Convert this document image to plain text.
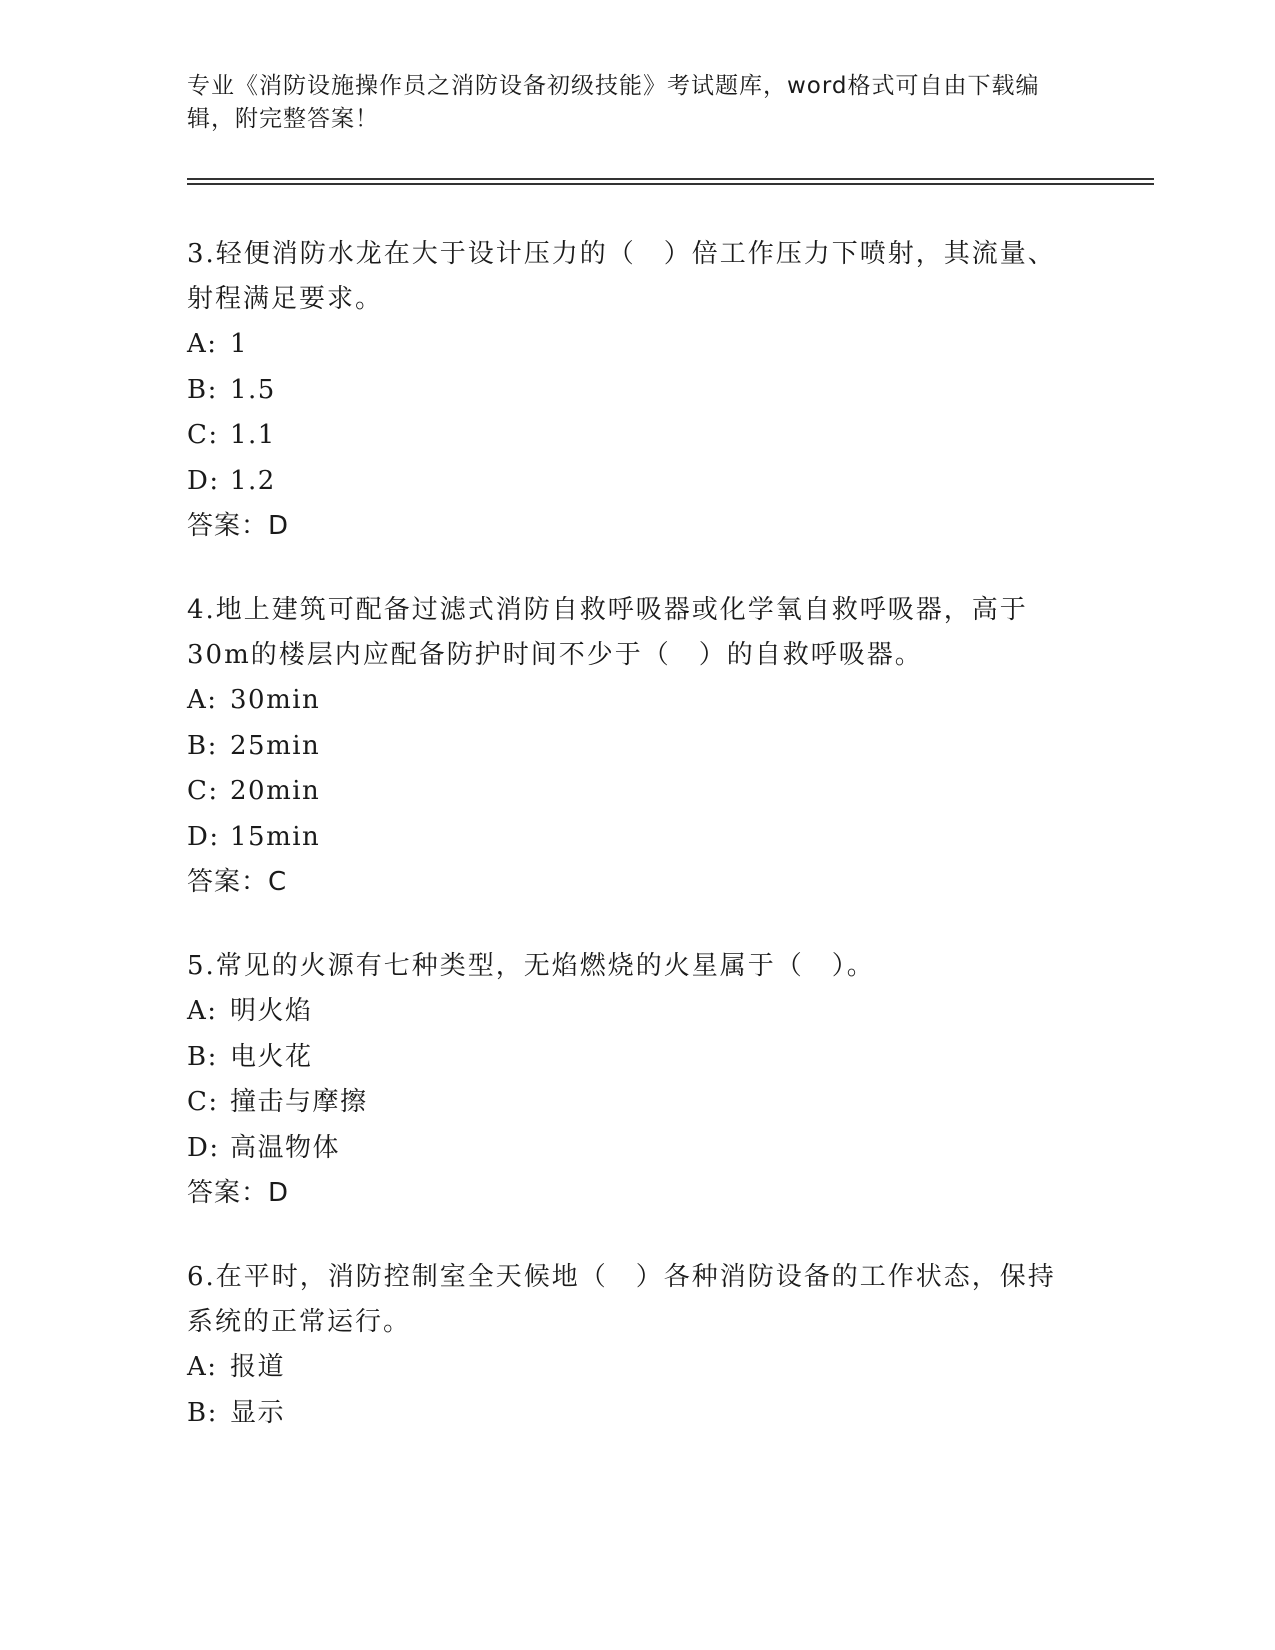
专业《消防设施操作员之消防设备初级技能》考试题库，word格式可自由下载编辑，附完整答案！

3.轻便消防水龙在大于设计压力的（　）倍工作压力下喷射，其流量、射程满足要求。

A: 1
B: 1.5
C: 1.1
D: 1.2
答案：D

4.地上建筑可配备过滤式消防自救呼吸器或化学氧自救呼吸器，高于30m的楼层内应配备防护时间不少于（　）的自救呼吸器。

A: 30min
B: 25min
C: 20min
D: 15min
答案：C

5.常见的火源有七种类型，无焰燃烧的火星属于（　）。

A: 明火焰
B: 电火花
C: 撞击与摩擦
D: 高温物体
答案：D

6.在平时，消防控制室全天候地（　）各种消防设备的工作状态，保持系统的正常运行。

A: 报道
B: 显示
